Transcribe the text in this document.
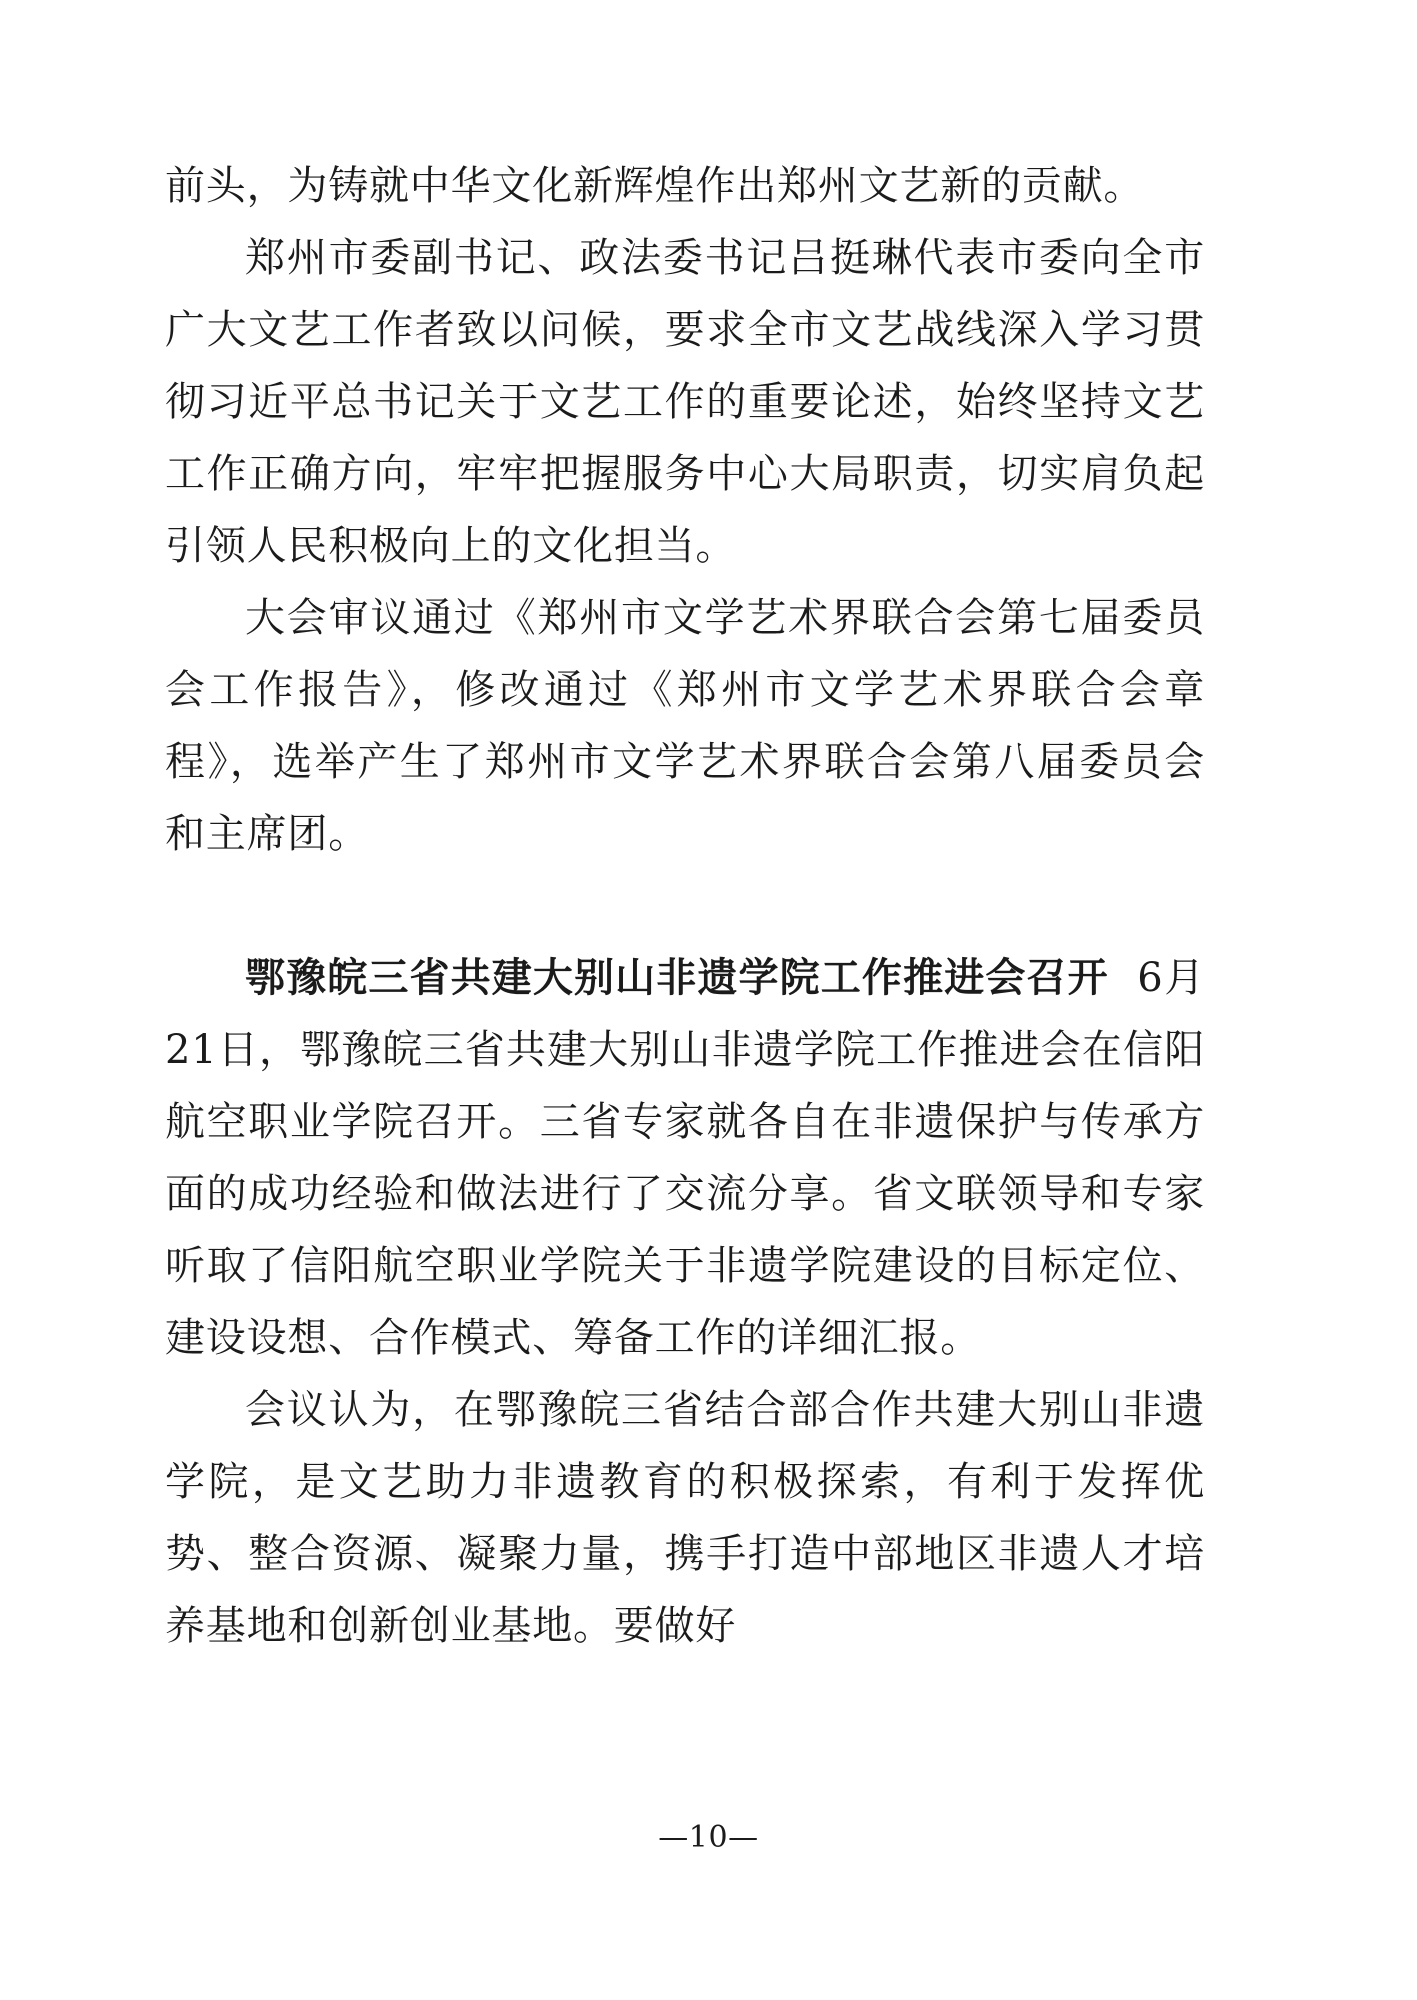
前头，为铸就中华文化新辉煌作出郑州文艺新的贡献。

郑州市委副书记、政法委书记吕挺琳代表市委向全市广大文艺工作者致以问候，要求全市文艺战线深入学习贯彻习近平总书记关于文艺工作的重要论述，始终坚持文艺工作正确方向，牢牢把握服务中心大局职责，切实肩负起引领人民积极向上的文化担当。

大会审议通过《郑州市文学艺术界联合会第七届委员会工作报告》，修改通过《郑州市文学艺术界联合会章程》，选举产生了郑州市文学艺术界联合会第八届委员会和主席团。

鄂豫皖三省共建大别山非遗学院工作推进会召开 6月21日，鄂豫皖三省共建大别山非遗学院工作推进会在信阳航空职业学院召开。三省专家就各自在非遗保护与传承方面的成功经验和做法进行了交流分享。省文联领导和专家听取了信阳航空职业学院关于非遗学院建设的目标定位、建设设想、合作模式、筹备工作的详细汇报。

会议认为，在鄂豫皖三省结合部合作共建大别山非遗学院，是文艺助力非遗教育的积极探索，有利于发挥优势、整合资源、凝聚力量，携手打造中部地区非遗人才培养基地和创新创业基地。要做好

—10—
